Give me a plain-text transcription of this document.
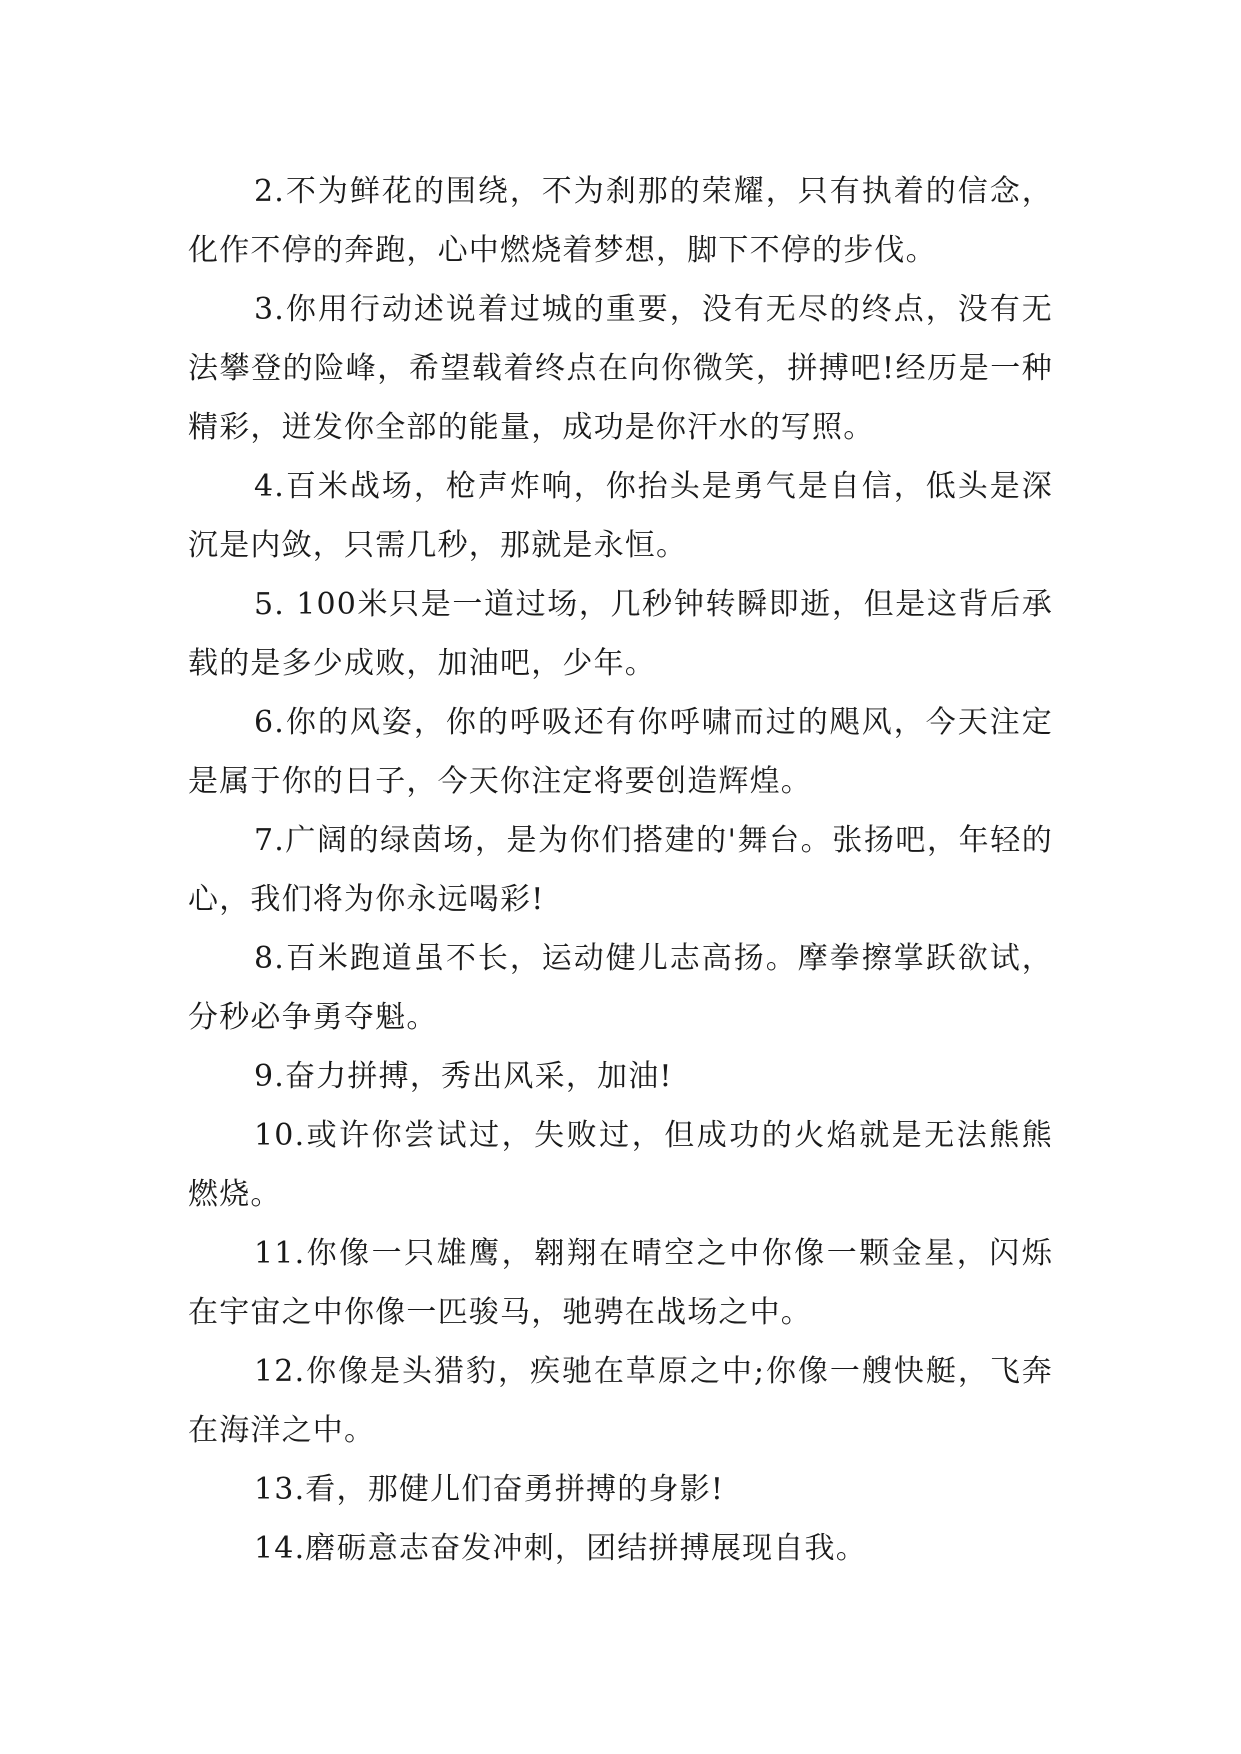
2.不为鲜花的围绕，不为刹那的荣耀，只有执着的信念，化作不停的奔跑，心中燃烧着梦想，脚下不停的步伐。

3.你用行动述说着过城的重要，没有无尽的终点，没有无法攀登的险峰，希望载着终点在向你微笑，拼搏吧!经历是一种精彩，迸发你全部的能量，成功是你汗水的写照。

4.百米战场，枪声炸响，你抬头是勇气是自信，低头是深沉是内敛，只需几秒，那就是永恒。

5. 100米只是一道过场，几秒钟转瞬即逝，但是这背后承载的是多少成败，加油吧，少年。

6.你的风姿，你的呼吸还有你呼啸而过的飓风，今天注定是属于你的日子，今天你注定将要创造辉煌。

7.广阔的绿茵场，是为你们搭建的'舞台。张扬吧，年轻的心，我们将为你永远喝彩!

8.百米跑道虽不长，运动健儿志高扬。摩拳擦掌跃欲试，分秒必争勇夺魁。

9.奋力拼搏，秀出风采，加油!

10.或许你尝试过，失败过，但成功的火焰就是无法熊熊燃烧。

11.你像一只雄鹰，翱翔在晴空之中你像一颗金星，闪烁在宇宙之中你像一匹骏马，驰骋在战场之中。

12.你像是头猎豹，疾驰在草原之中;你像一艘快艇，飞奔在海洋之中。

13.看，那健儿们奋勇拼搏的身影!

14.磨砺意志奋发冲刺，团结拼搏展现自我。
